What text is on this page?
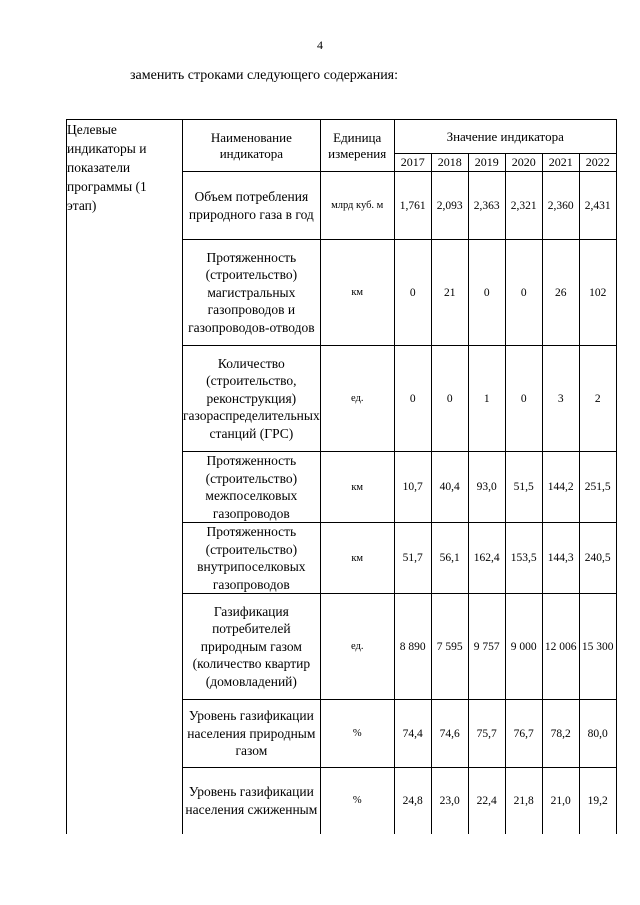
4
заменить строками следующего содержания:
Целевые индикаторы и показатели программы (1 этап)
Наименование индикатора	Единица измерения	Значение индикатора					
		2017	2018	2019	2020	2021	2022
Объем потребления природного газа в год	млрд куб. м	1,761	2,093	2,363	2,321	2,360	2,431
Протяженность (строительство) магистральных газопроводов и газопроводов-отводов	км	0	21	0	0	26	102
Количество (строительство, реконструкция) газораспределительных станций (ГРС)	ед.	0	0	1	0	3	2
Протяженность (строительство) межпоселковых газопроводов	км	10,7	40,4	93,0	51,5	144,2	251,5
Протяженность (строительство) внутрипоселковых газопроводов	км	51,7	56,1	162,4	153,5	144,3	240,5
Газификация потребителей природным газом (количество квартир (домовладений)	ед.	8 890	7 595	9 757	9 000	12 006	15 300
Уровень газификации населения природным газом	%	74,4	74,6	75,7	76,7	78,2	80,0
Уровень газификации населения сжиженным	%	24,8	23,0	22,4	21,8	21,0	19,2
